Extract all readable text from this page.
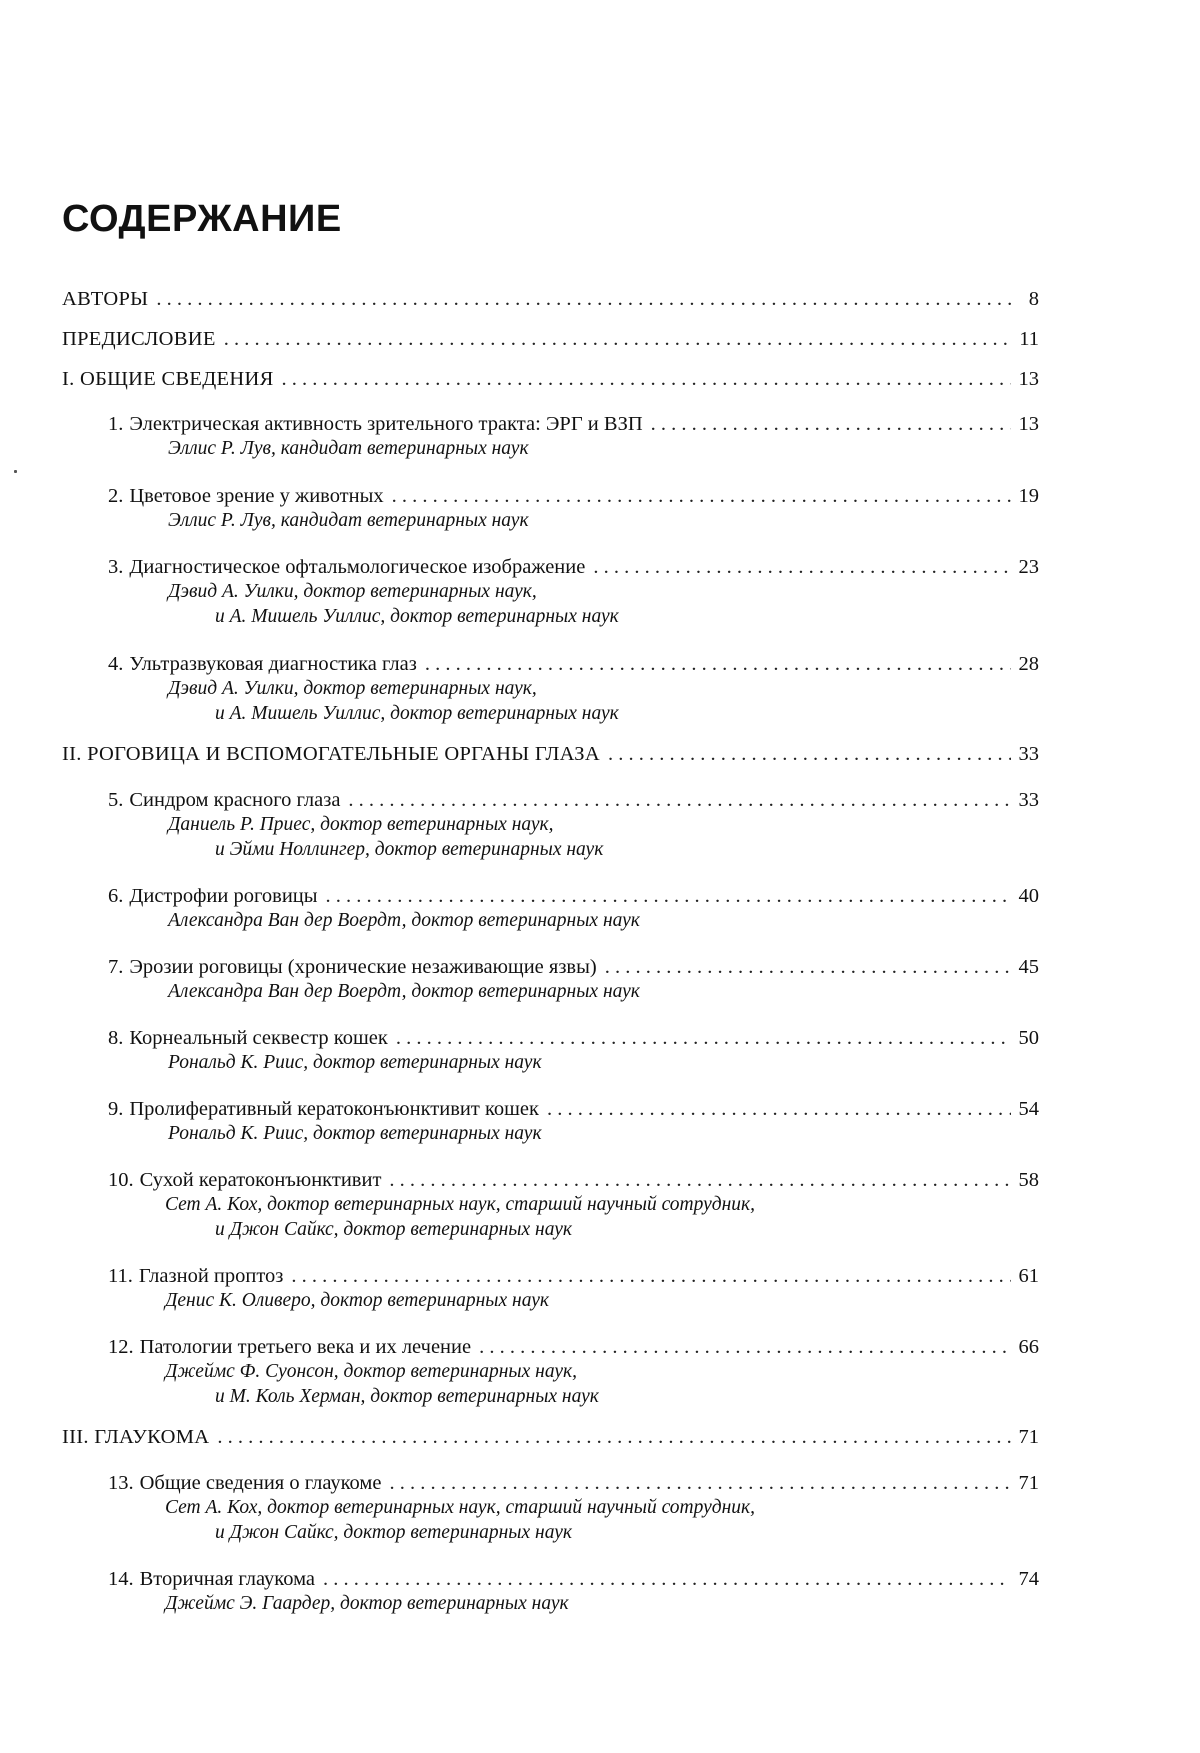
СОДЕРЖАНИЕ
АВТОРЫ . . .	8
ПРЕДИСЛОВИЕ . . .	11
I. ОБЩИЕ СВЕДЕНИЯ . . .	13
1. Электрическая активность зрительного тракта: ЭРГ и ВЗП . . .	13
Эллис Р. Лув, кандидат ветеринарных наук
2. Цветовое зрение у животных . . .	19
Эллис Р. Лув, кандидат ветеринарных наук
3. Диагностическое офтальмологическое изображение . . .	23
Дэвид А. Уилки, доктор ветеринарных наук,
и А. Мишель Уиллис, доктор ветеринарных наук
4. Ультразвуковая диагностика глаз . . .	28
Дэвид А. Уилки, доктор ветеринарных наук,
и А. Мишель Уиллис, доктор ветеринарных наук
II. РОГОВИЦА И ВСПОМОГАТЕЛЬНЫЕ ОРГАНЫ ГЛАЗА . . .	33
5. Синдром красного глаза . . .	33
Даниель Р. Приес, доктор ветеринарных наук,
и Эйми Ноллингер, доктор ветеринарных наук
6. Дистрофии роговицы . . .	40
Александра Ван дер Воердт, доктор ветеринарных наук
7. Эрозии роговицы (хронические незаживающие язвы) . . .	45
Александра Ван дер Воердт, доктор ветеринарных наук
8. Корнеальный секвестр кошек . . .	50
Рональд К. Риис, доктор ветеринарных наук
9. Пролиферативный кератоконъюнктивит кошек . . .	54
Рональд К. Риис, доктор ветеринарных наук
10. Сухой кератоконъюнктивит . . .	58
Сет А. Кох, доктор ветеринарных наук, старший научный сотрудник,
и Джон Сайкс, доктор ветеринарных наук
11. Глазной проптоз . . .	61
Денис К. Оливеро, доктор ветеринарных наук
12. Патологии третьего века и их лечение . . .	66
Джеймс Ф. Суонсон, доктор ветеринарных наук,
и М. Коль Херман, доктор ветеринарных наук
III. ГЛАУКОМА . . .	71
13. Общие сведения о глаукоме . . .	71
Сет А. Кох, доктор ветеринарных наук, старший научный сотрудник,
и Джон Сайкс, доктор ветеринарных наук
14. Вторичная глаукома . . .	74
Джеймс Э. Гаардер, доктор ветеринарных наук
